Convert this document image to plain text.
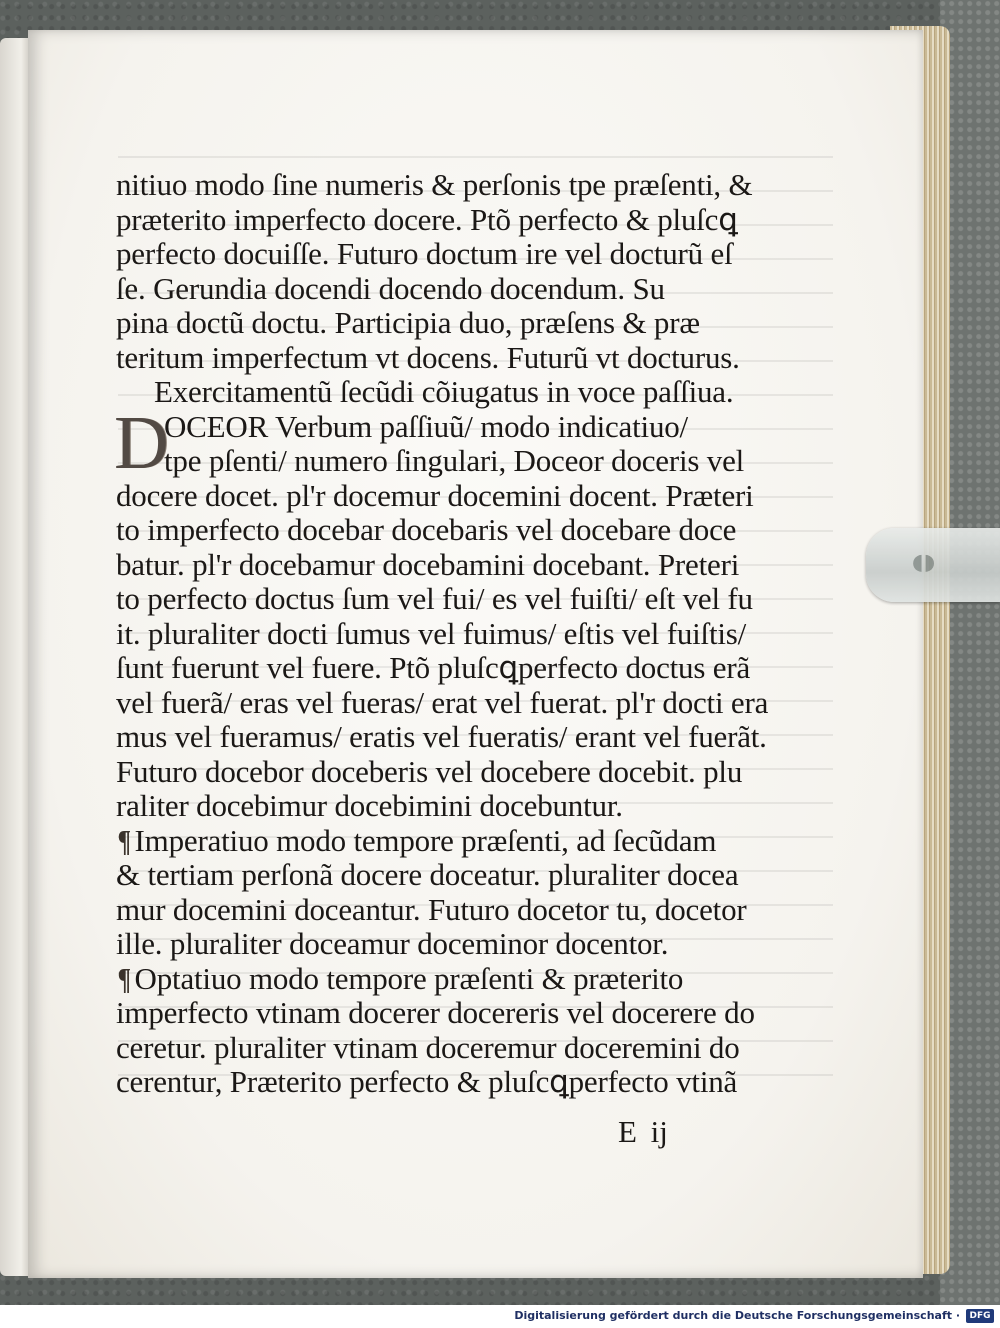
◖◗
nitiuo modo ſine numeris & perſonis tpe præſenti, &
præterito imperfecto docere. Ptõ perfecto & pluſcꝗ
perfecto docuiſſe. Futuro doctum ire vel docturũ eſ
ſe. Gerundia docendi docendo docendum. Su
pina doctũ doctu. Participia duo, præſens & præ
teritum imperfectum vt docens. Futurũ vt docturus.
Exercitamentũ ſecũdi cõiugatus in voce paſſiua.
D
OCEOR Verbum paſſiuũ/ modo indicatiuo/
tpe pſenti/ numero ſingulari, Doceor doceris vel
docere docet. pl'r docemur docemini docent. Præteri
to imperfecto docebar docebaris vel docebare doce
batur. pl'r docebamur docebamini docebant. Preteri
to perfecto doctus ſum vel fui/ es vel fuiſti/ eſt vel fu
it. pluraliter docti ſumus vel fuimus/ eſtis vel fuiſtis/
ſunt fuerunt vel fuere. Ptõ pluſcꝗperfecto doctus erã
vel fuerã/ eras vel fueras/ erat vel fuerat. pl'r docti era
mus vel fueramus/ eratis vel fueratis/ erant vel fuerãt.
Futuro docebor doceberis vel docebere docebit. plu
raliter docebimur docebimini docebuntur.
¶ Imperatiuo modo tempore præſenti, ad ſecũdam
& tertiam perſonã docere doceatur. pluraliter docea
mur docemini doceantur. Futuro docetor tu, docetor
ille. pluraliter doceamur doceminor docentor.
¶ Optatiuo modo tempore præſenti & præterito
imperfecto vtinam docerer docereris vel docerere do
ceretur. pluraliter vtinam doceremur doceremini do
cerentur, Præterito perfecto & pluſcꝗperfecto vtinã
E ij
Digitalisierung gefördert durch die Deutsche Forschungsgemeinschaft ·	DFG
